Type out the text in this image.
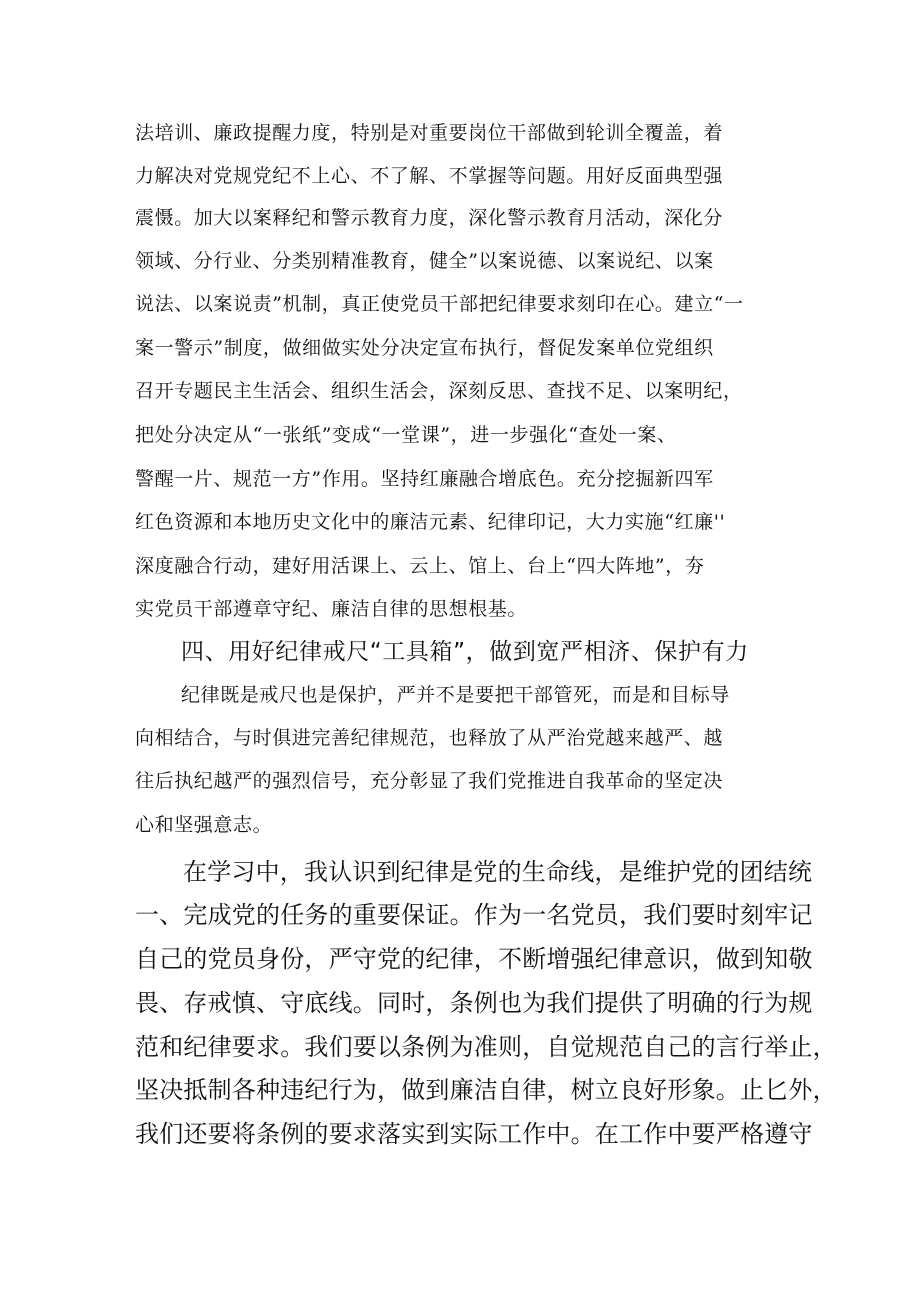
法培训、廉政提醒力度，特别是对重要岗位干部做到轮训全覆盖，着
力解决对党规党纪不上心、不了解、不掌握等问题。用好反面典型强
震慑。加大以案释纪和警示教育力度，深化警示教育月活动，深化分
领域、分行业、分类别精准教育，健全”以案说德、以案说纪、以案
说法、以案说责”机制，真正使党员干部把纪律要求刻印在心。建立“一
案一警示”制度，做细做实处分决定宣布执行，督促发案单位党组织
召开专题民主生活会、组织生活会，深刻反思、查找不足、以案明纪，
把处分决定从“一张纸”变成“一堂课”，进一步强化“查处一案、
警醒一片、规范一方”作用。坚持红廉融合增底色。充分挖掘新四军
红色资源和本地历史文化中的廉洁元素、纪律印记，大力实施“红廉''
深度融合行动，建好用活课上、云上、馆上、台上“四大阵地”，夯
实党员干部遵章守纪、廉洁自律的思想根基。
四、用好纪律戒尺“工具箱”，做到宽严相济、保护有力
纪律既是戒尺也是保护，严并不是要把干部管死，而是和目标导
向相结合，与时俱进完善纪律规范，也释放了从严治党越来越严、越
往后执纪越严的强烈信号，充分彰显了我们党推进自我革命的坚定决
心和坚强意志。
在学习中，我认识到纪律是党的生命线，是维护党的团结统
一、完成党的任务的重要保证。作为一名党员，我们要时刻牢记
自己的党员身份，严守党的纪律，不断增强纪律意识，做到知敬
畏、存戒慎、守底线。同时，条例也为我们提供了明确的行为规
范和纪律要求。我们要以条例为准则，自觉规范自己的言行举止，
坚决抵制各种违纪行为，做到廉洁自律，树立良好形象。止匕外，
我们还要将条例的要求落实到实际工作中。在工作中要严格遵守
